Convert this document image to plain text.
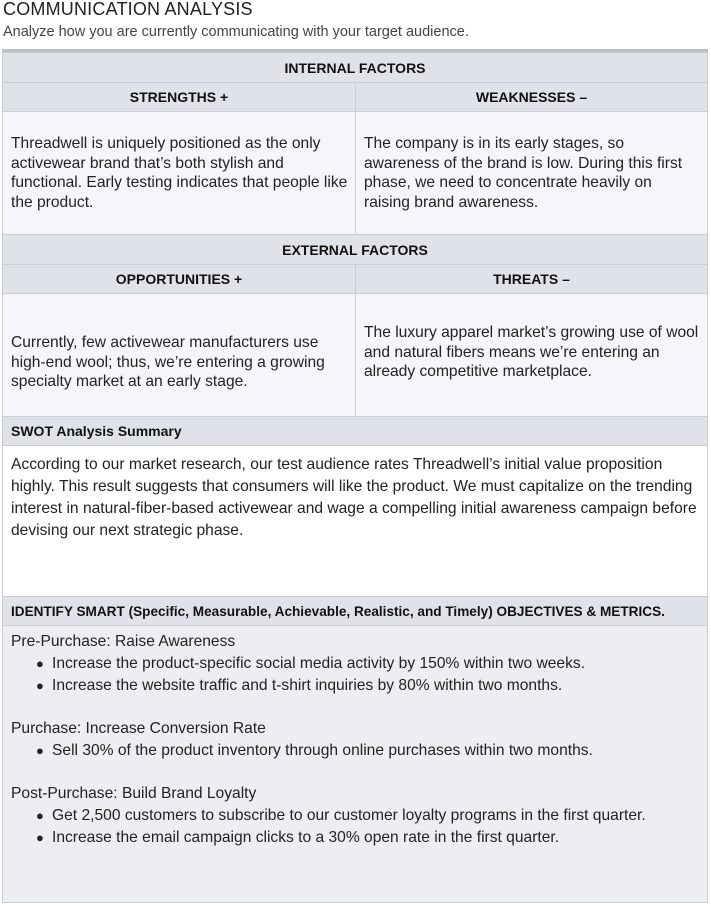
COMMUNICATION ANALYSIS
Analyze how you are currently communicating with your target audience.
INTERNAL FACTORS
STRENGTHS +	WEAKNESSES –
Threadwell is uniquely positioned as the only activewear brand that’s both stylish and functional. Early testing indicates that people like the product.
The company is in its early stages, so awareness of the brand is low. During this first phase, we need to concentrate heavily on raising brand awareness.
EXTERNAL FACTORS
OPPORTUNITIES +	THREATS –
Currently, few activewear manufacturers use high-end wool; thus, we’re entering a growing specialty market at an early stage.
The luxury apparel market’s growing use of wool and natural fibers means we’re entering an already competitive marketplace.
SWOT Analysis Summary
According to our market research, our test audience rates Threadwell’s initial value proposition highly. This result suggests that consumers will like the product. We must capitalize on the trending interest in natural-fiber-based activewear and wage a compelling initial awareness campaign before devising our next strategic phase.
IDENTIFY SMART (Specific, Measurable, Achievable, Realistic, and Timely) OBJECTIVES & METRICS.
Pre-Purchase: Raise Awareness
● Increase the product-specific social media activity by 150% within two weeks.
● Increase the website traffic and t-shirt inquiries by 80% within two months.
Purchase: Increase Conversion Rate
● Sell 30% of the product inventory through online purchases within two months.
Post-Purchase: Build Brand Loyalty
● Get 2,500 customers to subscribe to our customer loyalty programs in the first quarter.
● Increase the email campaign clicks to a 30% open rate in the first quarter.
